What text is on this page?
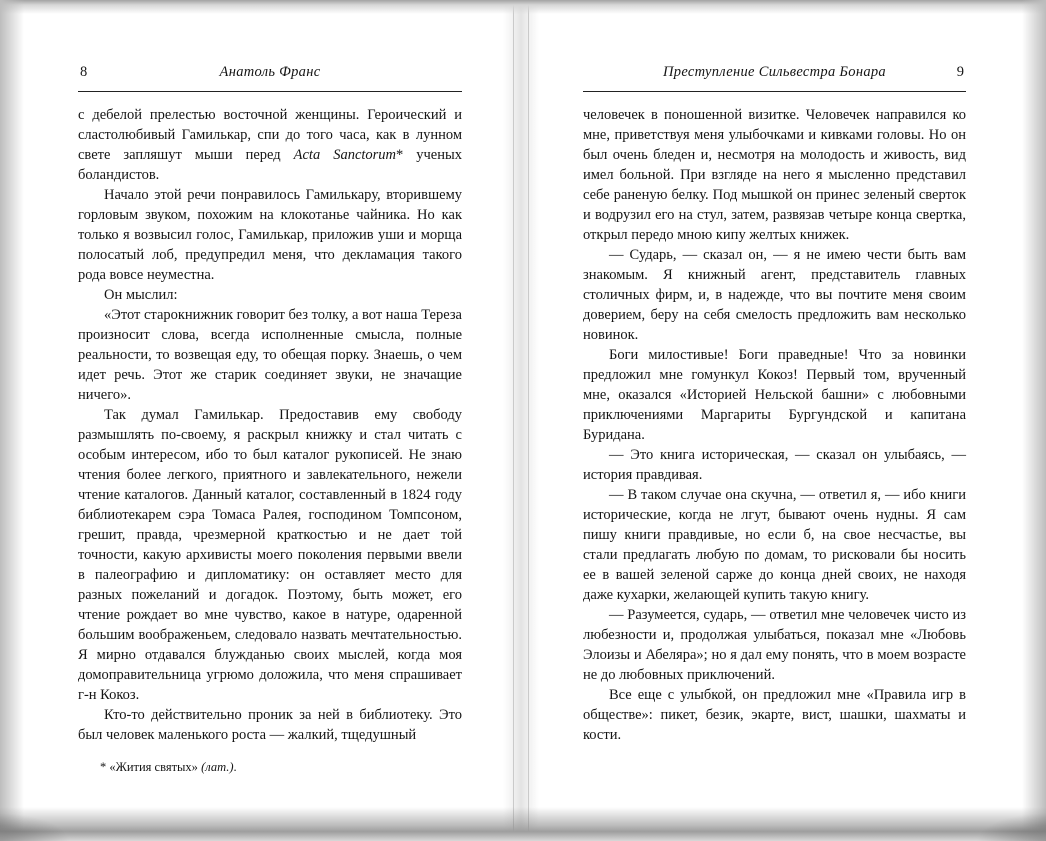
8	Анатоль Франс

с дебелой прелестью восточной женщины. Героический и сластолюбивый Гамилькар, спи до того часа, как в лунном свете запляшут мыши перед Acta Sanctorum* ученых боландистов.

Начало этой речи понравилось Гамилькару, вторившему горловым звуком, похожим на клокотанье чайника. Но как только я возвысил голос, Гамилькар, приложив уши и морща полосатый лоб, предупредил меня, что декламация такого рода вовсе неуместна.

Он мыслил:

«Этот старокнижник говорит без толку, а вот наша Тереза произносит слова, всегда исполненные смысла, полные реальности, то возвещая еду, то обещая порку. Знаешь, о чем идет речь. Этот же старик соединяет звуки, не значащие ничего».

Так думал Гамилькар. Предоставив ему свободу размышлять по-своему, я раскрыл книжку и стал читать с особым интересом, ибо то был каталог рукописей. Не знаю чтения более легкого, приятного и завлекательного, нежели чтение каталогов. Данный каталог, составленный в 1824 году библиотекарем сэра Томаса Ралея, господином Томпсоном, грешит, правда, чрезмерной краткостью и не дает той точности, какую архивисты моего поколения первыми ввели в палеографию и дипломатику: он оставляет место для разных пожеланий и догадок. Поэтому, быть может, его чтение рождает во мне чувство, какое в натуре, одаренной большим воображеньем, следовало назвать мечтательностью. Я мирно отдавался блужданью своих мыслей, когда моя домоправительница угрюмо доложила, что меня спрашивает г-н Кокоз.

Кто-то действительно проник за ней в библиотеку. Это был человек маленького роста — жалкий, тщедушный

* «Жития святых» (лат.).

Преступление Сильвестра Бонара	9

человечек в поношенной визитке. Человечек направился ко мне, приветствуя меня улыбочками и кивками головы. Но он был очень бледен и, несмотря на молодость и живость, вид имел больной. При взгляде на него я мысленно представил себе раненую белку. Под мышкой он принес зеленый сверток и водрузил его на стул, затем, развязав четыре конца свертка, открыл передо мною кипу желтых книжек.

— Сударь, — сказал он, — я не имею чести быть вам знакомым. Я книжный агент, представитель главных столичных фирм, и, в надежде, что вы почтите меня своим доверием, беру на себя смелость предложить вам несколько новинок.

Боги милостивые! Боги праведные! Что за новинки предложил мне гомункул Кокоз! Первый том, врученный мне, оказался «Историей Нельской башни» с любовными приключениями Маргариты Бургундской и капитана Буридана.

— Это книга историческая, — сказал он улыбаясь, — история правдивая.

— В таком случае она скучна, — ответил я, — ибо книги исторические, когда не лгут, бывают очень нудны. Я сам пишу книги правдивые, но если б, на свое несчастье, вы стали предлагать любую по домам, то рисковали бы носить ее в вашей зеленой сарже до конца дней своих, не находя даже кухарки, желающей купить такую книгу.

— Разумеется, сударь, — ответил мне человечек чисто из любезности и, продолжая улыбаться, показал мне «Любовь Элоизы и Абеляра»; но я дал ему понять, что в моем возрасте не до любовных приключений.

Все еще с улыбкой, он предложил мне «Правила игр в обществе»: пикет, безик, экарте, вист, шашки, шахматы и кости.
